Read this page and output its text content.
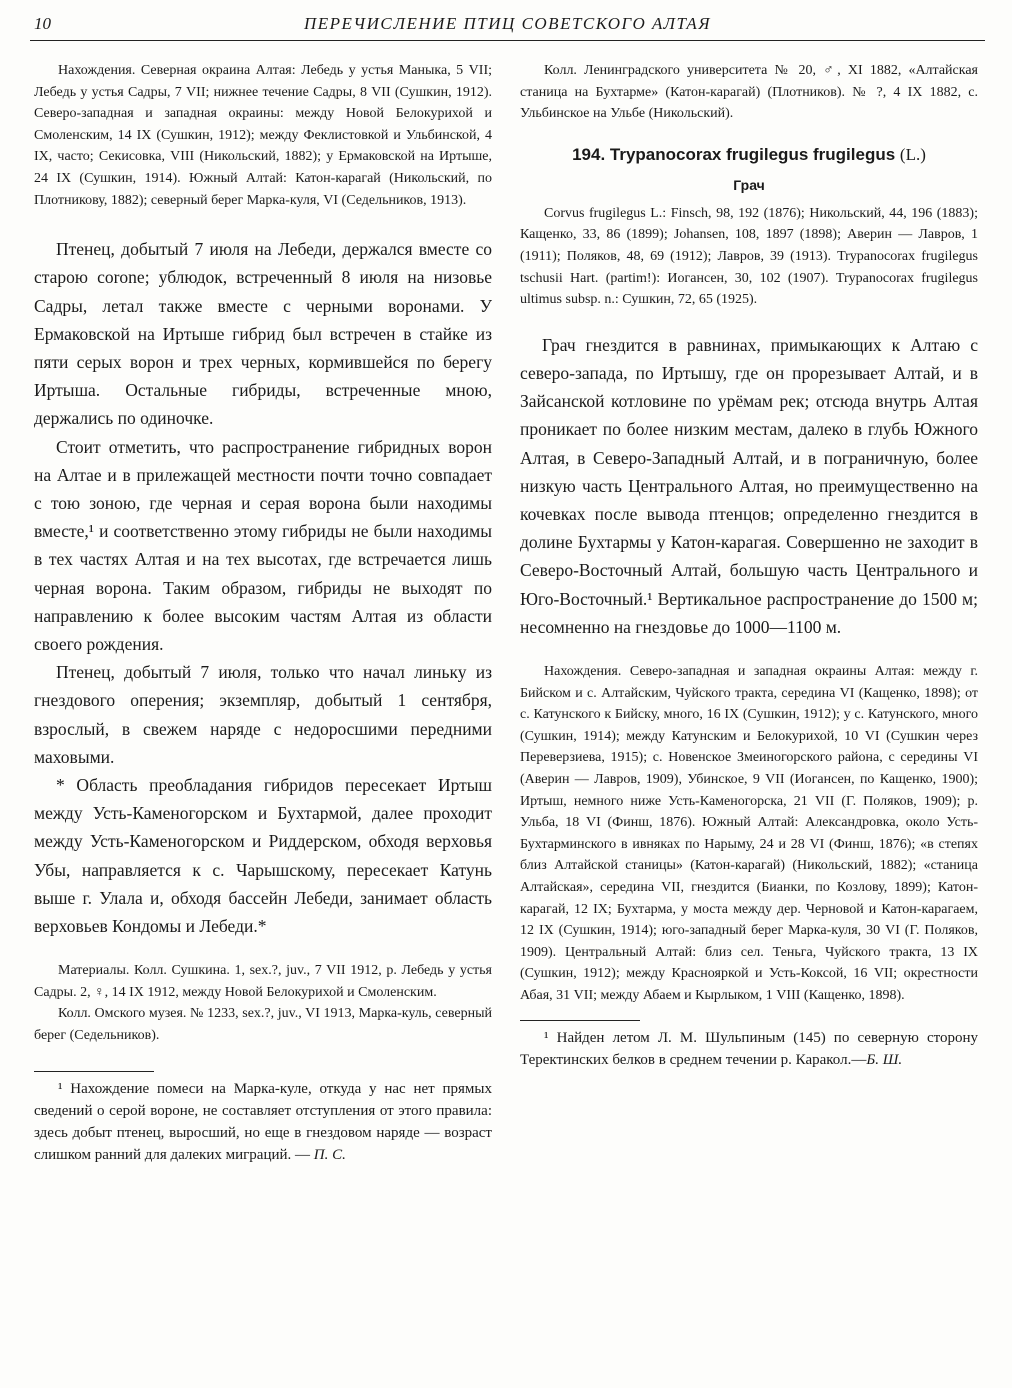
10	ПЕРЕЧИСЛЕНИЕ ПТИЦ СОВЕТСКОГО АЛТАЯ

Нахождения. Северная окраина Алтая: Лебедь у устья Маныка, 5 VII; Лебедь у устья Садры, 7 VII; нижнее течение Садры, 8 VII (Сушкин, 1912). Северо-западная и западная окраины: между Новой Белокурихой и Смоленским, 14 IX (Сушкин, 1912); между Феклистовкой и Ульбинской, 4 IX, часто; Секисовка, VIII (Никольский, 1882); у Ермаковской на Иртыше, 24 IX (Сушкин, 1914). Южный Алтай: Катон-карагай (Никольский, по Плотникову, 1882); северный берег Марка-куля, VI (Седельников, 1913).

Птенец, добытый 7 июля на Лебеди, держался вместе со старою corone; ублюдок, встреченный 8 июля на низовье Садры, летал также вместе с черными воронами. У Ермаковской на Иртыше гибрид был встречен в стайке из пяти серых ворон и трех черных, кормившейся по берегу Иртыша. Остальные гибриды, встреченные мною, держались по одиночке.

Стоит отметить, что распространение гибридных ворон на Алтае и в прилежащей местности почти точно совпадает с тою зоною, где черная и серая ворона были находимы вместе,¹ и соответственно этому гибриды не были находимы в тех частях Алтая и на тех высотах, где встречается лишь черная ворона. Таким образом, гибриды не выходят по направлению к более высоким частям Алтая из области своего рождения.

Птенец, добытый 7 июля, только что начал линьку из гнездового оперения; экземпляр, добытый 1 сентября, взрослый, в свежем наряде с недоросшими передними маховыми.

* Область преобладания гибридов пересекает Иртыш между Усть-Каменогорском и Бухтармой, далее проходит между Усть-Каменогорском и Риддерском, обходя верховья Убы, направляется к с. Чарышскому, пересекает Катунь выше г. Улала и, обходя бассейн Лебеди, занимает область верховьев Кондомы и Лебеди.*

Материалы. Колл. Сушкина. 1, sex.?, juv., 7 VII 1912, р. Лебедь у устья Садры. 2, ♀, 14 IX 1912, между Новой Белокурихой и Смоленским.

Колл. Омского музея. № 1233, sex.?, juv., VI 1913, Марка-куль, северный берег (Седельников).

¹ Нахождение помеси на Марка-куле, откуда у нас нет прямых сведений о серой вороне, не составляет отступления от этого правила: здесь добыт птенец, выросший, но еще в гнездовом наряде — возраст слишком ранний для далеких миграций. — П. С.

Колл. Ленинградского университета № 20, ♂, XI 1882, «Алтайская станица на Бухтарме» (Катон-карагай) (Плотников). № ?, 4 IX 1882, с. Ульбинское на Ульбе (Никольский).

194. Trypanocorax frugilegus frugilegus (L.)
Грач

Corvus frugilegus L.: Finsch, 98, 192 (1876); Никольский, 44, 196 (1883); Кащенко, 33, 86 (1899); Johansen, 108, 1897 (1898); Аверин — Лавров, 1 (1911); Поляков, 48, 69 (1912); Лавров, 39 (1913). Trypanocorax frugilegus tschusii Hart. (partim!): Иогансен, 30, 102 (1907). Trypanocorax frugilegus ultimus subsp. n.: Сушкин, 72, 65 (1925).

Грач гнездится в равнинах, примыкающих к Алтаю с северо-запада, по Иртышу, где он прорезывает Алтай, и в Зайсанской котловине по урёмам рек; отсюда внутрь Алтая проникает по более низким местам, далеко в глубь Южного Алтая, в Северо-Западный Алтай, и в пограничную, более низкую часть Центрального Алтая, но преимущественно на кочевках после вывода птенцов; определенно гнездится в долине Бухтармы у Катон-карагая. Совершенно не заходит в Северо-Восточный Алтай, большую часть Центрального и Юго-Восточный.¹ Вертикальное распространение до 1500 м; несомненно на гнездовье до 1000—1100 м.

Нахождения. Северо-западная и западная окраины Алтая: между г. Бийском и с. Алтайским, Чуйского тракта, середина VI (Кащенко, 1898); от с. Катунского к Бийску, много, 16 IX (Сушкин, 1912); у с. Катунского, много (Сушкин, 1914); между Катунским и Белокурихой, 10 VI (Сушкин через Переверзиева, 1915); с. Новенское Змеиногорского района, с середины VI (Аверин — Лавров, 1909), Убинское, 9 VII (Иогансен, по Кащенко, 1900); Иртыш, немного ниже Усть-Каменогорска, 21 VII (Г. Поляков, 1909); р. Ульба, 18 VI (Финш, 1876). Южный Алтай: Александровка, около Усть-Бухтарминского в ивняках по Нарыму, 24 и 28 VI (Финш, 1876); «в степях близ Алтайской станицы» (Катон-карагай) (Никольский, 1882); «станица Алтайская», середина VII, гнездится (Бианки, по Козлову, 1899); Катон-карагай, 12 IX; Бухтарма, у моста между дер. Черновой и Катон-карагаем, 12 IX (Сушкин, 1914); юго-западный берег Марка-куля, 30 VI (Г. Поляков, 1909). Центральный Алтай: близ сел. Теньга, Чуйского тракта, 13 IX (Сушкин, 1912); между Краснояркой и Усть-Коксой, 16 VII; окрестности Абая, 31 VII; между Абаем и Кырлыком, 1 VIII (Кащенко, 1898).

¹ Найден летом Л. М. Шульпиным (145) по северную сторону Теректинских белков в среднем течении р. Каракол.—Б. Ш.
